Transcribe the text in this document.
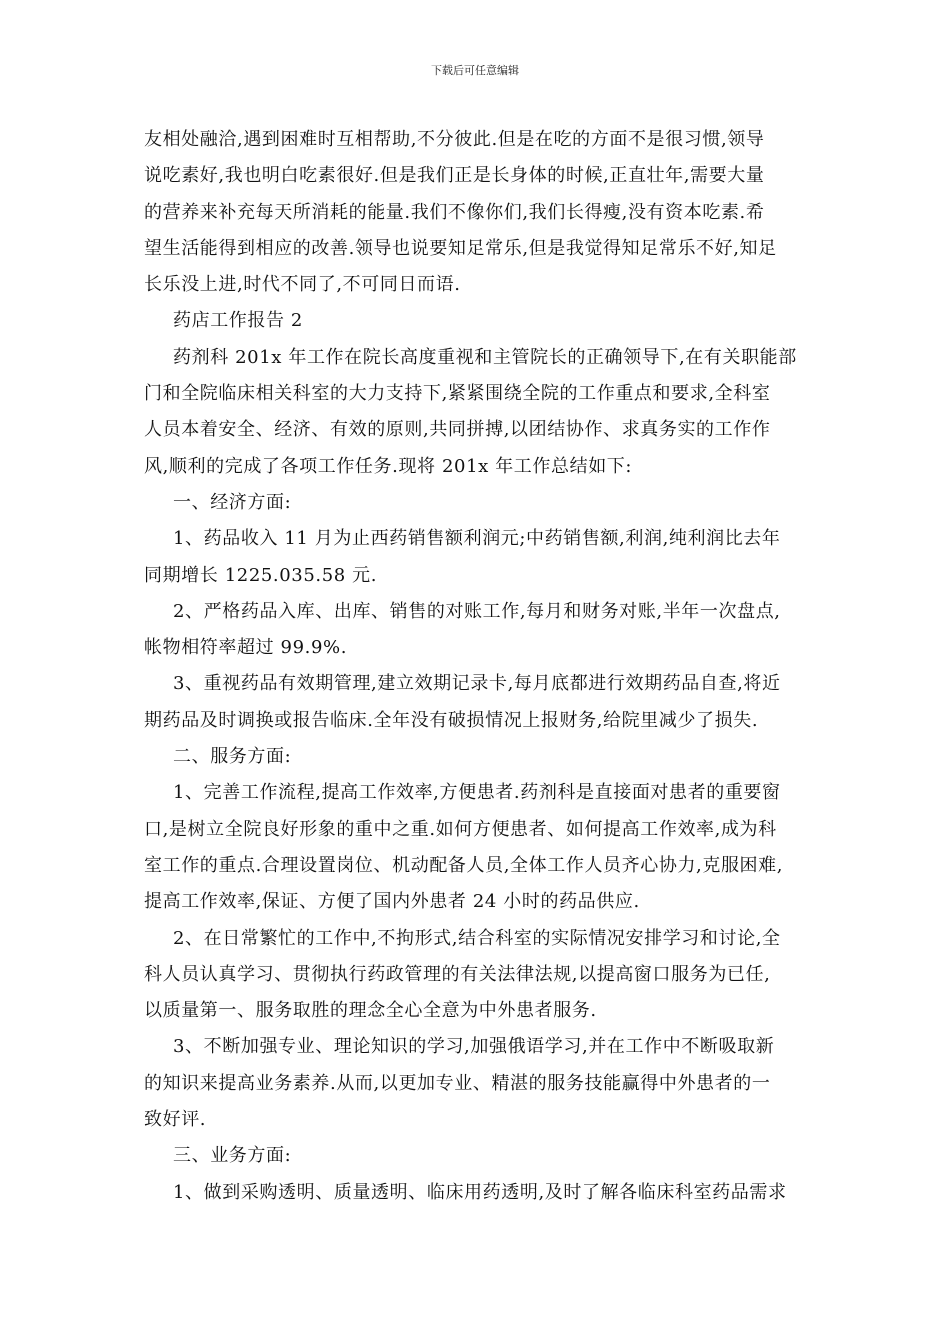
下载后可任意编辑

友相处融洽,遇到困难时互相帮助,不分彼此.但是在吃的方面不是很习惯,领导

说吃素好,我也明白吃素很好.但是我们正是长身体的时候,正直壮年,需要大量

的营养来补充每天所消耗的能量.我们不像你们,我们长得瘦,没有资本吃素.希

望生活能得到相应的改善.领导也说要知足常乐,但是我觉得知足常乐不好,知足

长乐没上进,时代不同了,不可同日而语.

药店工作报告 2

药剂科 201x 年工作在院长高度重视和主管院长的正确领导下,在有关职能部

门和全院临床相关科室的大力支持下,紧紧围绕全院的工作重点和要求,全科室

人员本着安全、经济、有效的原则,共同拼搏,以团结协作、求真务实的工作作

风,顺利的完成了各项工作任务.现将 201x 年工作总结如下:

一、经济方面:

1、药品收入 11 月为止西药销售额利润元;中药销售额,利润,纯利润比去年

同期增长 1225.035.58 元.

2、严格药品入库、出库、销售的对账工作,每月和财务对账,半年一次盘点,

帐物相符率超过 99.9%.

3、重视药品有效期管理,建立效期记录卡,每月底都进行效期药品自查,将近

期药品及时调换或报告临床.全年没有破损情况上报财务,给院里减少了损失.

二、服务方面:

1、完善工作流程,提高工作效率,方便患者.药剂科是直接面对患者的重要窗

口,是树立全院良好形象的重中之重.如何方便患者、如何提高工作效率,成为科

室工作的重点.合理设置岗位、机动配备人员,全体工作人员齐心协力,克服困难,

提高工作效率,保证、方便了国内外患者 24 小时的药品供应.

2、在日常繁忙的工作中,不拘形式,结合科室的实际情况安排学习和讨论,全

科人员认真学习、贯彻执行药政管理的有关法律法规,以提高窗口服务为已任,

以质量第一、服务取胜的理念全心全意为中外患者服务.

3、不断加强专业、理论知识的学习,加强俄语学习,并在工作中不断吸取新

的知识来提高业务素养.从而,以更加专业、精湛的服务技能赢得中外患者的一

致好评.

三、业务方面:

1、做到采购透明、质量透明、临床用药透明,及时了解各临床科室药品需求
